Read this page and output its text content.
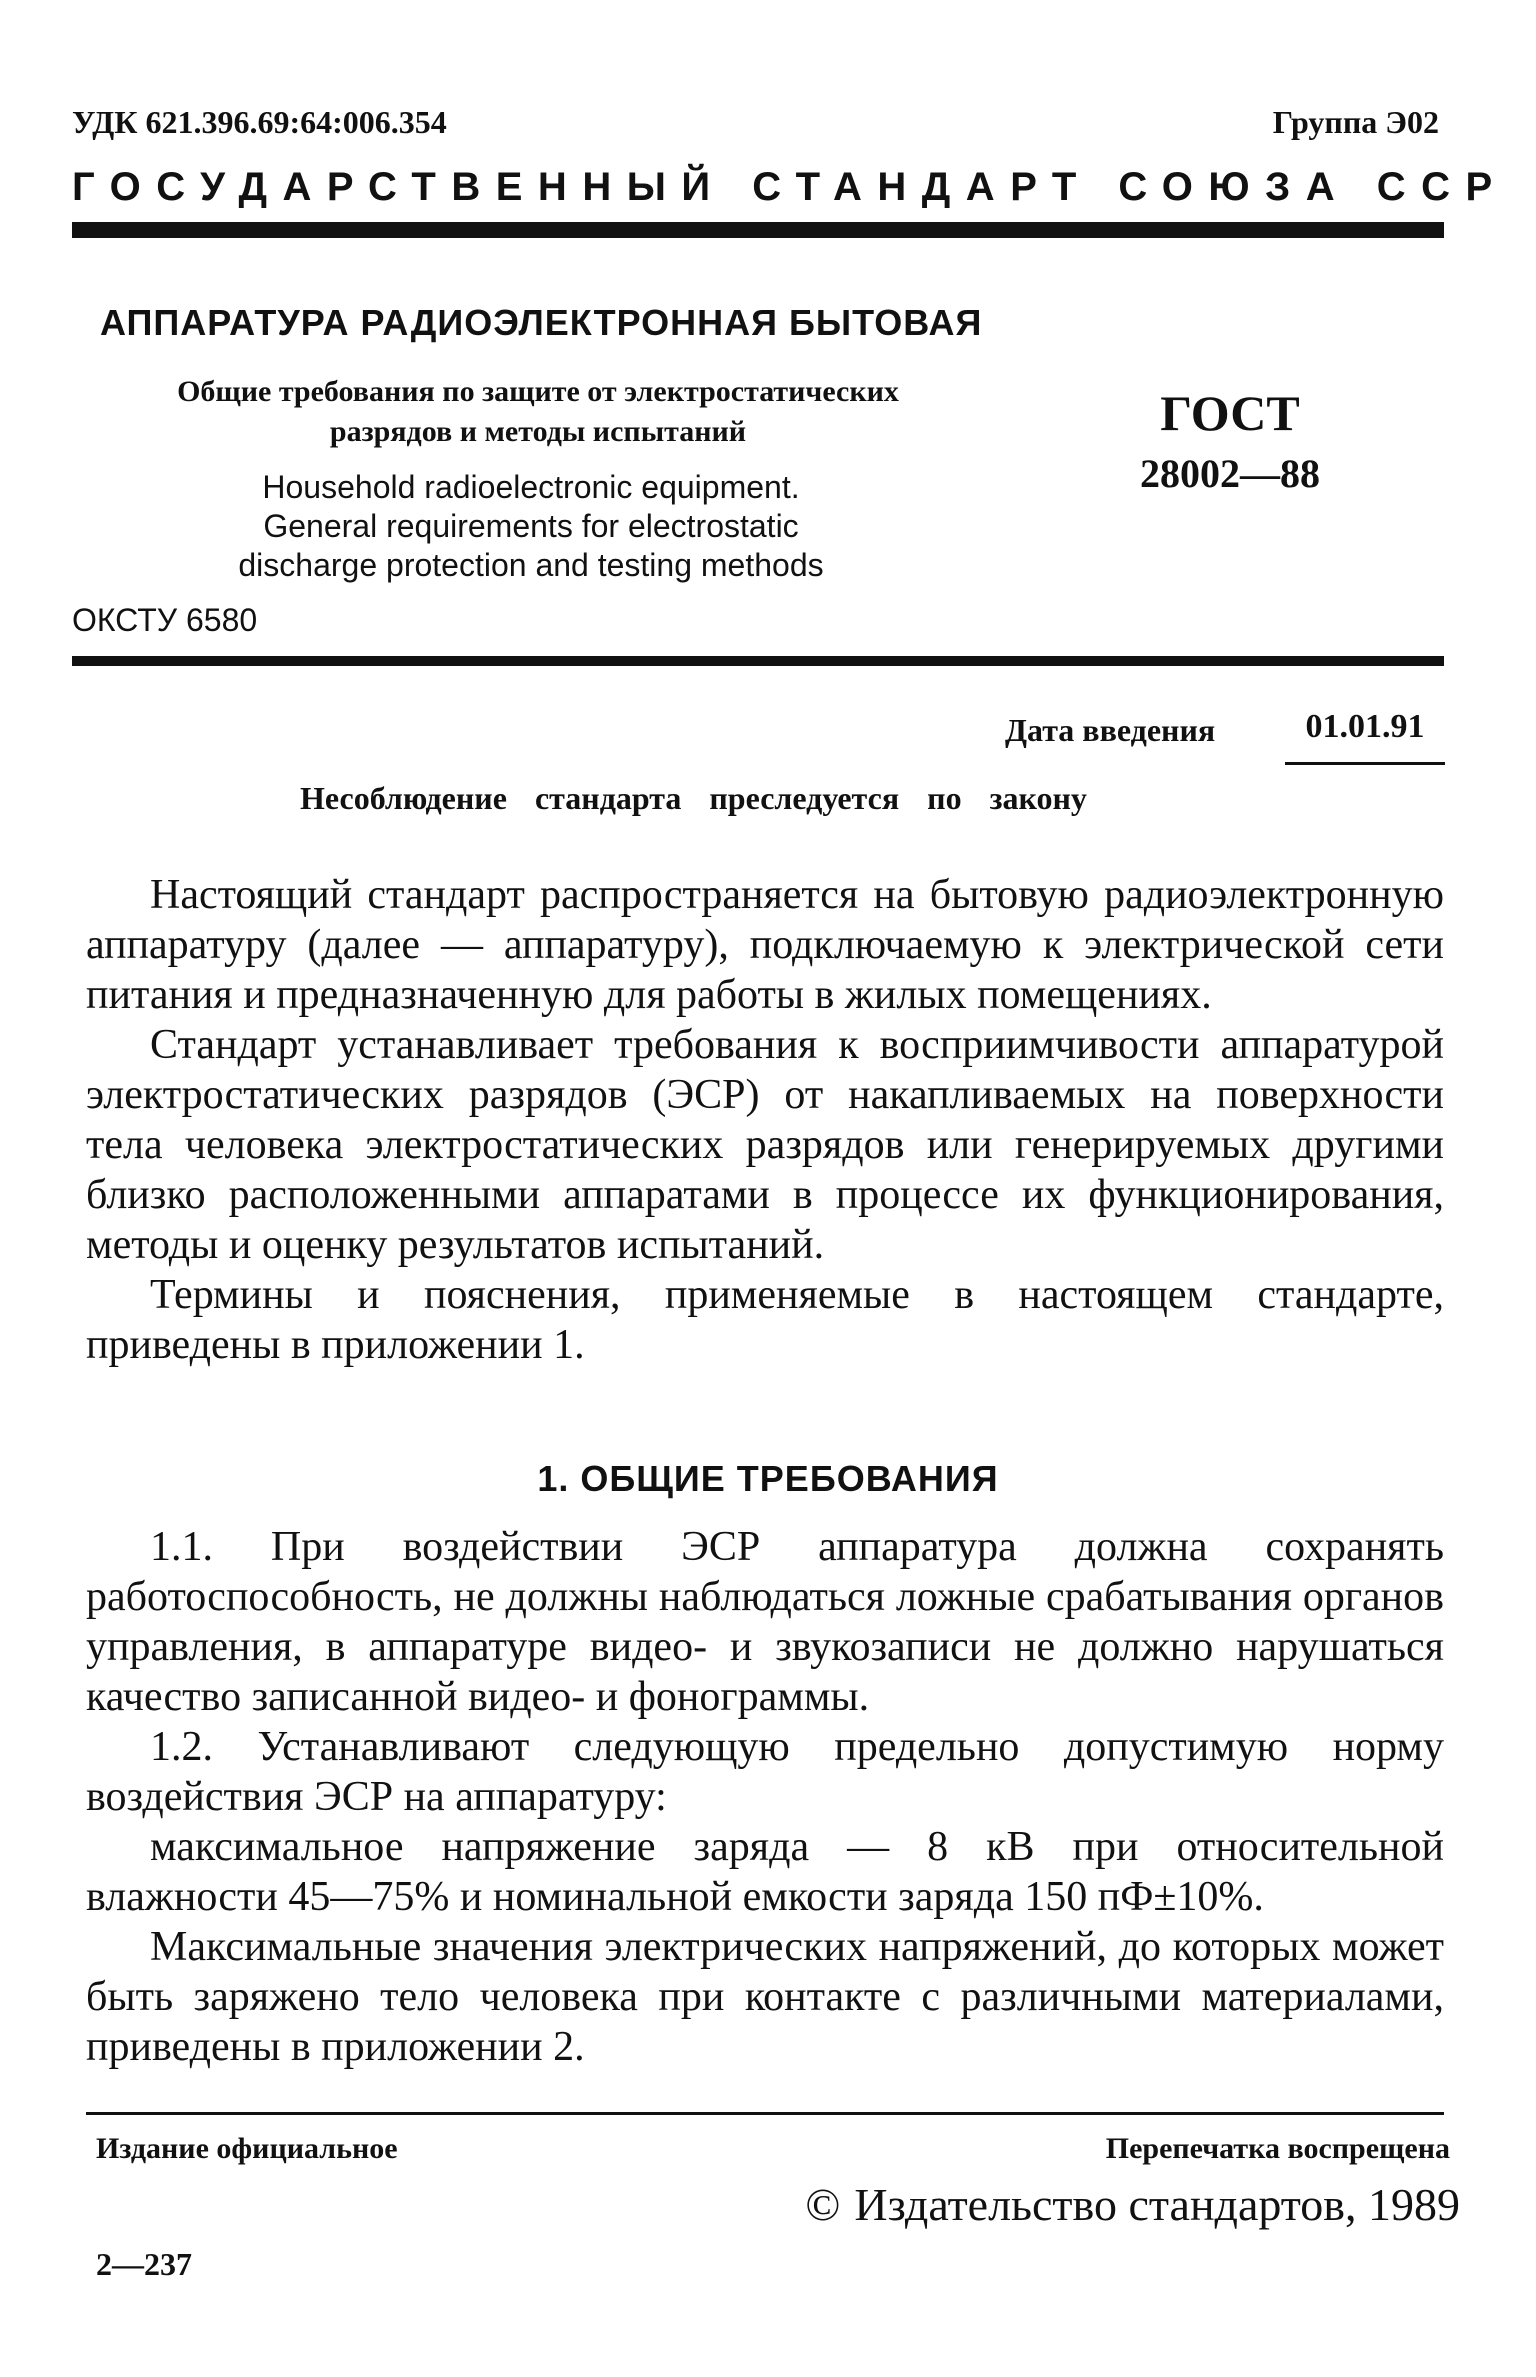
УДК 621.396.69:64:006.354	Группа Э02
ГОСУДАРСТВЕННЫЙ СТАНДАРТ СОЮЗА ССР
АППАРАТУРА РАДИОЭЛЕКТРОННАЯ БЫТОВАЯ
Общие требования по защите от электростатических
разрядов и методы испытаний
Household radioelectronic equipment.
General requirements for electrostatic
discharge protection and testing methods
ОКСТУ 6580
ГОСТ
28002—88
Дата введения	01.01.91
Несоблюдение стандарта преследуется по закону

Настоящий стандарт распространяется на бытовую радиоэлектронную аппаратуру (далее — аппаратуру), подключаемую к электрической сети питания и предназначенную для работы в жилых помещениях.

Стандарт устанавливает требования к восприимчивости аппаратурой электростатических разрядов (ЭСР) от накапливаемых на поверхности тела человека электростатических разрядов или генерируемых другими близко расположенными аппаратами в процессе их функционирования, методы и оценку результатов испытаний.

Термины и пояснения, применяемые в настоящем стандарте, приведены в приложении 1.

1. ОБЩИЕ ТРЕБОВАНИЯ

1.1. При воздействии ЭСР аппаратура должна сохранять работоспособность, не должны наблюдаться ложные срабатывания органов управления, в аппаратуре видео- и звукозаписи не должно нарушаться качество записанной видео- и фонограммы.

1.2. Устанавливают следующую предельно допустимую норму воздействия ЭСР на аппаратуру:

максимальное напряжение заряда — 8 кВ при относительной влажности 45—75% и номинальной емкости заряда 150 пФ±10%.

Максимальные значения электрических напряжений, до которых может быть заряжено тело человека при контакте с различными материалами, приведены в приложении 2.

Издание официальное	Перепечатка воспрещена
© Издательство стандартов, 1989
2—237
